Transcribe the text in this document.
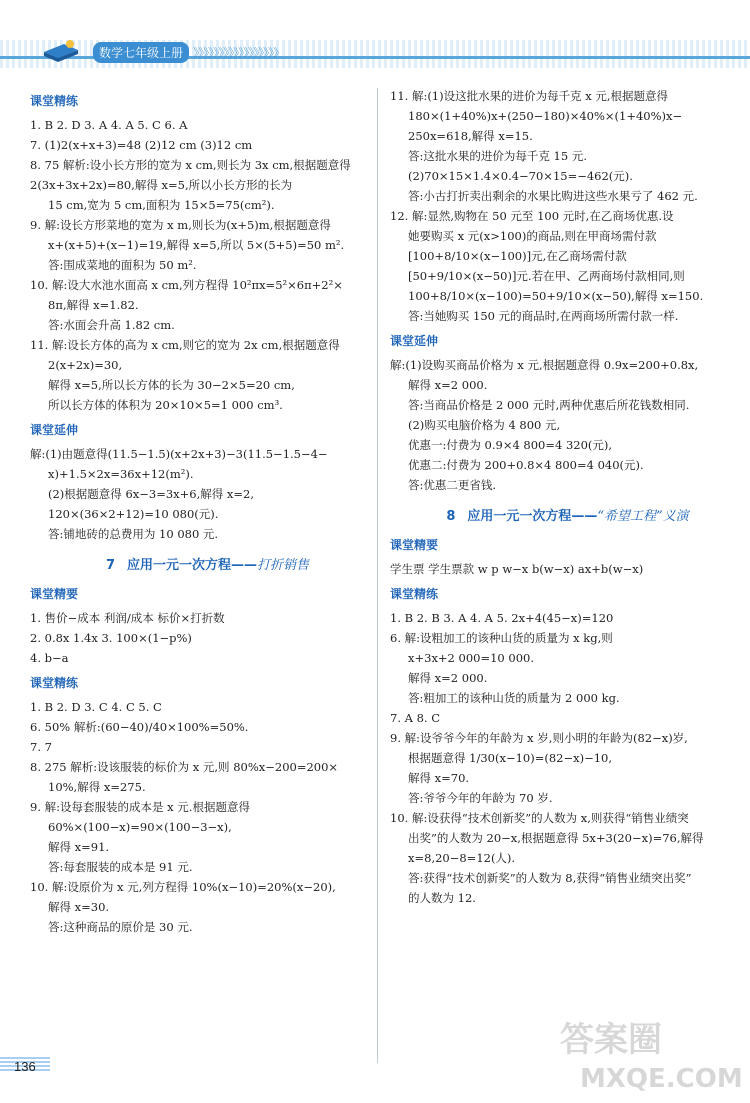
数学七年级上册 》》》》》》》》》》》》》》》》》
课堂精练
1. B 2. D 3. A 4. A 5. C 6. A
7. (1)2(x+x+3)=48 (2)12 cm (3)12 cm
8. 75 解析:设小长方形的宽为 x cm,则长为 3x cm,根据题意得
2(3x+3x+2x)=80,解得 x=5,所以小长方形的长为
15 cm,宽为 5 cm,面积为 15×5=75(cm²).
9. 解:设长方形菜地的宽为 x m,则长为(x+5)m,根据题意得
x+(x+5)+(x−1)=19,解得 x=5,所以 5×(5+5)=50 m².
答:围成菜地的面积为 50 m².
10. 解:设大水池水面高 x cm,列方程得 10²πx=5²×6π+2²×
8π,解得 x=1.82.
答:水面会升高 1.82 cm.
11. 解:设长方体的高为 x cm,则它的宽为 2x cm,根据题意得
2(x+2x)=30,
解得 x=5,所以长方体的长为 30−2×5=20 cm,
所以长方体的体积为 20×10×5=1 000 cm³.
课堂延伸
解:(1)由题意得(11.5−1.5)(x+2x+3)−3(11.5−1.5−4−
x)+1.5×2x=36x+12(m²).
(2)根据题意得 6x−3=3x+6,解得 x=2,
120×(36×2+12)=10 080(元).
答:铺地砖的总费用为 10 080 元.
7 应用一元一次方程——打折销售
课堂精要
1. 售价−成本 利润/成本 标价×打折数
2. 0.8x 1.4x 3. 100×(1−p%)
4. b−a
课堂精练
1. B 2. D 3. C 4. C 5. C
6. 50% 解析:(60−40)/40×100%=50%.
7. 7
8. 275 解析:设该服装的标价为 x 元,则 80%x−200=200×
10%,解得 x=275.
9. 解:设每套服装的成本是 x 元.根据题意得
60%×(100−x)=90×(100−3−x),
解得 x=91.
答:每套服装的成本是 91 元.
10. 解:设原价为 x 元,列方程得 10%(x−10)=20%(x−20),
解得 x=30.
答:这种商品的原价是 30 元.
11. 解:(1)设这批水果的进价为每千克 x 元,根据题意得
180×(1+40%)x+(250−180)×40%×(1+40%)x−
250x=618,解得 x=15.
答:这批水果的进价为每千克 15 元.
(2)70×15×1.4×0.4−70×15=−462(元).
答:小古打折卖出剩余的水果比购进这些水果亏了 462 元.
12. 解:显然,购物在 50 元至 100 元时,在乙商场优惠.设
她要购买 x 元(x>100)的商品,则在甲商场需付款
[100+8/10×(x−100)]元,在乙商场需付款
[50+9/10×(x−50)]元.若在甲、乙两商场付款相同,则
100+8/10×(x−100)=50+9/10×(x−50),解得 x=150.
答:当她购买 150 元的商品时,在两商场所需付款一样.
课堂延伸
解:(1)设购买商品价格为 x 元,根据题意得 0.9x=200+0.8x,
解得 x=2 000.
答:当商品价格是 2 000 元时,两种优惠后所花钱数相同.
(2)购买电脑价格为 4 800 元,
优惠一:付费为 0.9×4 800=4 320(元),
优惠二:付费为 200+0.8×4 800=4 040(元).
答:优惠二更省钱.
8 应用一元一次方程——“希望工程”义演
课堂精要
学生票 学生票款 w p w−x b(w−x) ax+b(w−x)
课堂精练
1. B 2. B 3. A 4. A 5. 2x+4(45−x)=120
6. 解:设粗加工的该种山货的质量为 x kg,则
x+3x+2 000=10 000.
解得 x=2 000.
答:粗加工的该种山货的质量为 2 000 kg.
7. A 8. C
9. 解:设爷爷今年的年龄为 x 岁,则小明的年龄为(82−x)岁,
根据题意得 1/30(x−10)=(82−x)−10,
解得 x=70.
答:爷爷今年的年龄为 70 岁.
10. 解:设获得“技术创新奖”的人数为 x,则获得“销售业绩突
出奖”的人数为 20−x,根据题意得 5x+3(20−x)=76,解得
x=8,20−8=12(人).
答:获得“技术创新奖”的人数为 8,获得“销售业绩突出奖”
的人数为 12.
136
答案圈
MXQE.COM
